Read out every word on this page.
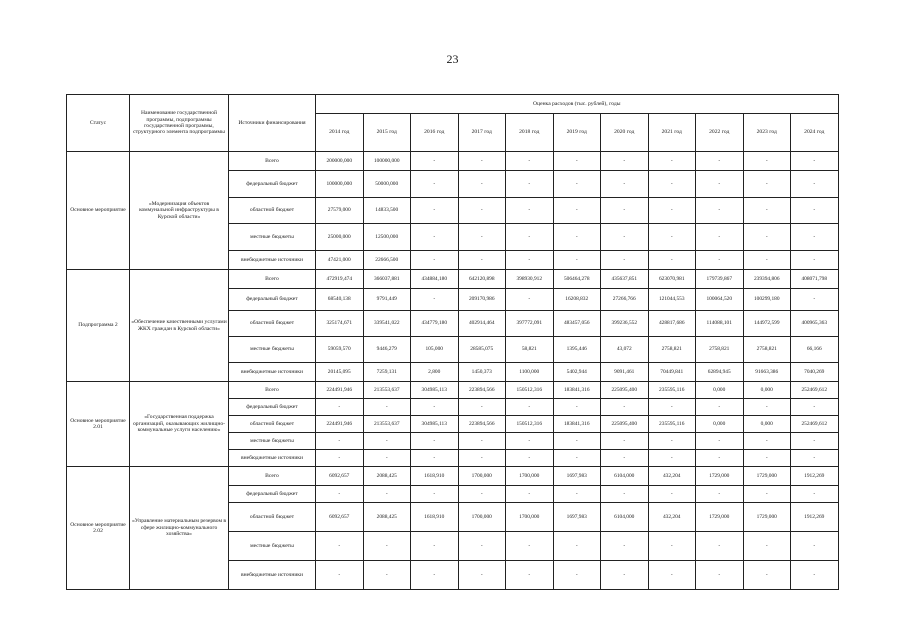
23
Статус	Наименование государственной программы, подпрограммы государственной программы, структурного элемента подпрограммы	Источники финансирования	Оценка расходов (тыс. рублей), годы										
			2014 год	2015 год	2016 год	2017 год	2018 год	2019 год	2020 год	2021 год	2022 год	2023 год	2024 год
Основное мероприятие	«Модернизация объектов коммунальной инфраструктуры в Курской области»	Всего	200000,000	100000,000	-	-	-	-	-	-	-	-	-
		федеральный бюджет	100000,000	50000,000	-	-	-	-	-	-	-	-	-
		областной бюджет	27579,000	14833,500	-	-	-	-	-	-	-	-	-
		местные бюджеты	25000,000	12500,000	-	-	-	-	-	-	-	-	-
		внебюджетные источники	47421,000	22666,500	-	-	-	-	-	-	-	-	-
Подпрограмма 2	«Обеспечение качественными услугами ЖКХ граждан в Курской области»	Всего	472919,474	366037,881	434884,180	642120,898	398930,912	506464,278	435637,851	623070,981	179739,867	239394,806	408071,798
		федеральный бюджет	68540,138	9791,449	-	209170,986	-	16208,832	27266,766	121044,553	100064,520	100299,180	-
		областной бюджет	325174,671	339541,022	434779,180	402914,464	397772,091	483457,056	399236,552	428817,686	114088,101	144972,599	400965,363
		местные бюджеты	59059,570	9446,279	105,000	28585,075	58,821	1395,446	43,072	2758,821	2758,821	2758,821	66,166
		внебюджетные источники	20145,095	7259,131	2,800	1450,373	1100,000	5402,944	9091,461	70449,841	62894,945	91663,386	7040,269
Основное мероприятие 2.01	«Государственная поддержка организаций, оказывающих жилищно-коммунальные услуги населению»	Всего	224491,946	213553,637	304985,113	223894,566	150512,316	183841,316	225095,400	235595,116	0,000	0,000	252469,612
		федеральный бюджет	-	-	-	-	-	-	-	-	-	-	-
		областной бюджет	224491,946	213553,637	304985,113	223894,566	150512,316	183841,316	225095,400	235595,116	0,000	0,000	252469,612
		местные бюджеты	-	-	-	-	-	-	-	-	-	-	-
		внебюджетные источники	-	-	-	-	-	-	-	-	-	-	-
Основное мероприятие 2.02	«Управление материальным резервом в сфере жилищно-коммунального хозяйства»	Всего	6092,657	2088,425	1618,910	1700,000	1700,000	1697,983	6104,000	432,204	1729,000	1729,000	1912,269
		федеральный бюджет	-	-	-	-	-	-	-	-	-	-	-
		областной бюджет	6092,657	2088,425	1618,910	1700,000	1700,000	1697,983	6104,000	432,204	1729,000	1729,000	1912,269
		местные бюджеты	-	-	-	-	-	-	-	-	-	-	-
		внебюджетные источники	-	-	-	-	-	-	-	-	-	-	-
